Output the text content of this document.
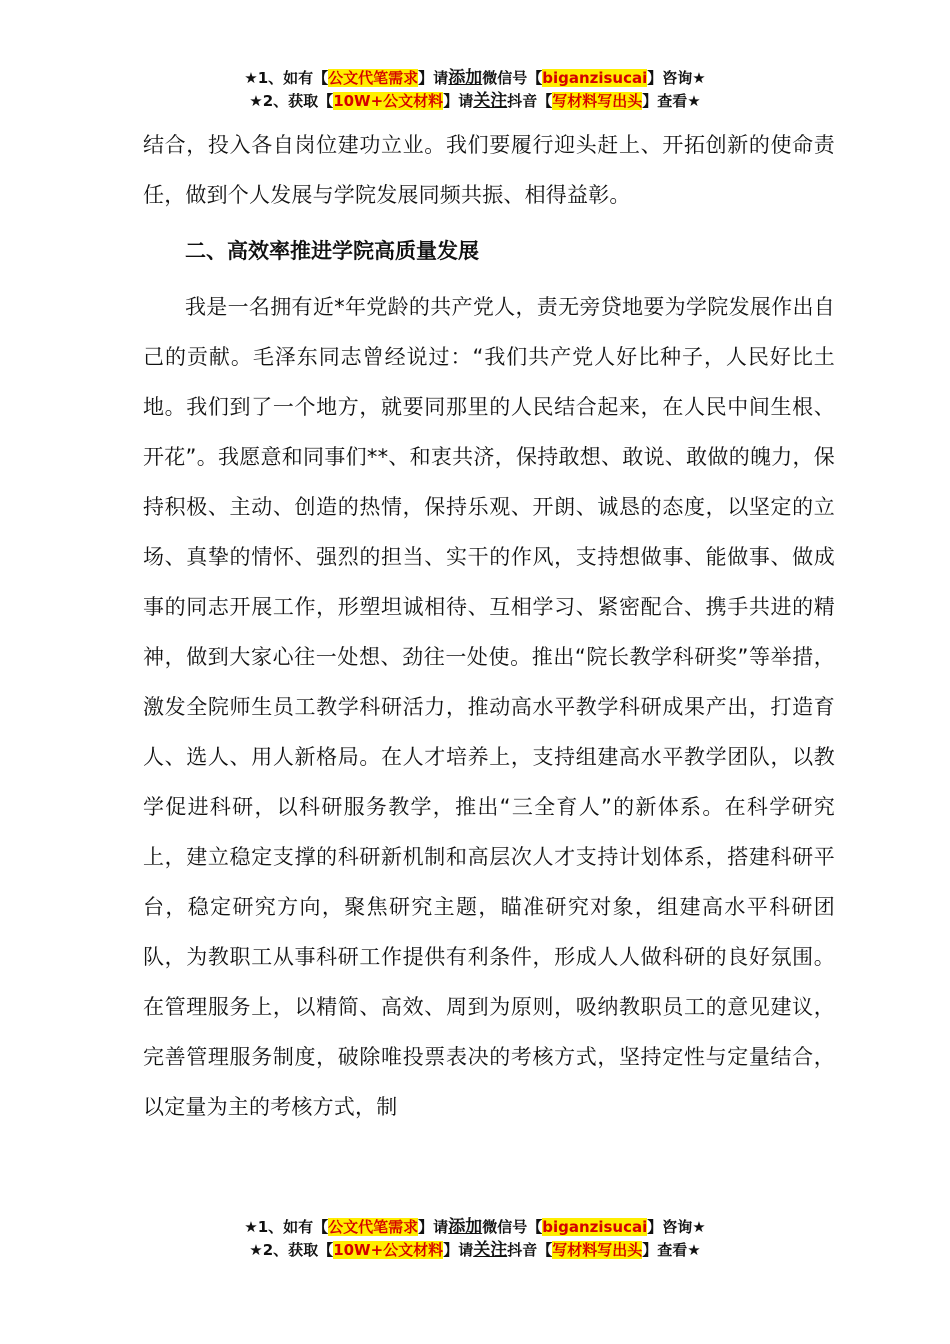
★1、如有【公文代笔需求】请添加微信号【biganzisucai】咨询★
★2、获取【10W+公文材料】请关注抖音【写材料写出头】查看★

结合，投入各自岗位建功立业。我们要履行迎头赶上、开拓创新的使命责任，做到个人发展与学院发展同频共振、相得益彰。

二、高效率推进学院高质量发展

我是一名拥有近*年党龄的共产党人，责无旁贷地要为学院发展作出自己的贡献。毛泽东同志曾经说过：“我们共产党人好比种子，人民好比土地。我们到了一个地方，就要同那里的人民结合起来，在人民中间生根、开花”。我愿意和同事们**、和衷共济，保持敢想、敢说、敢做的魄力，保持积极、主动、创造的热情，保持乐观、开朗、诚恳的态度，以坚定的立场、真挚的情怀、强烈的担当、实干的作风，支持想做事、能做事、做成事的同志开展工作，形塑坦诚相待、互相学习、紧密配合、携手共进的精神，做到大家心往一处想、劲往一处使。推出“院长教学科研奖”等举措，激发全院师生员工教学科研活力，推动高水平教学科研成果产出，打造育人、选人、用人新格局。在人才培养上，支持组建高水平教学团队，以教学促进科研，以科研服务教学，推出“三全育人”的新体系。在科学研究上，建立稳定支撑的科研新机制和高层次人才支持计划体系，搭建科研平台，稳定研究方向，聚焦研究主题，瞄准研究对象，组建高水平科研团队，为教职工从事科研工作提供有利条件，形成人人做科研的良好氛围。在管理服务上，以精简、高效、周到为原则，吸纳教职员工的意见建议，完善管理服务制度，破除唯投票表决的考核方式，坚持定性与定量结合，以定量为主的考核方式，制

★1、如有【公文代笔需求】请添加微信号【biganzisucai】咨询★
★2、获取【10W+公文材料】请关注抖音【写材料写出头】查看★
